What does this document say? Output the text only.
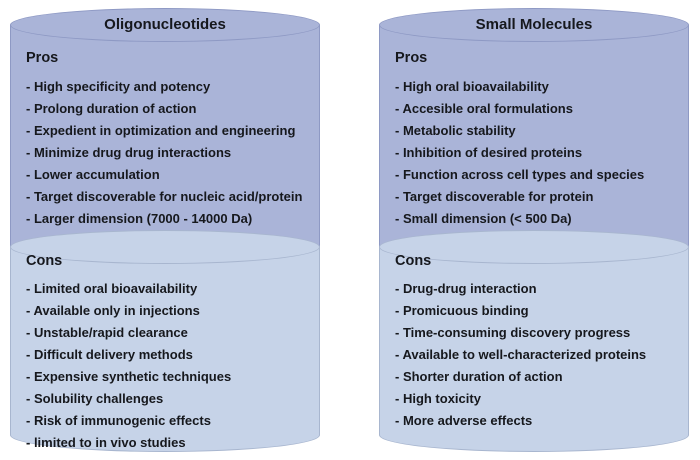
Oligonucleotides
Pros
- High specificity and potency
- Prolong duration of action
- Expedient in optimization and engineering
- Minimize drug drug interactions
- Lower accumulation
- Target discoverable for nucleic acid/protein
- Larger dimension (7000 - 14000 Da)
Cons
- Limited oral bioavailability
- Available only in injections
- Unstable/rapid clearance
- Difficult delivery methods
- Expensive synthetic techniques
- Solubility challenges
- Risk of immunogenic effects
- limited to in vivo studies
Small Molecules
Pros
- High oral bioavailability
- Accesible oral formulations
- Metabolic stability
- Inhibition of desired proteins
- Function across cell types and species
- Target discoverable for protein
- Small dimension (< 500 Da)
Cons
- Drug-drug interaction
- Promicuous binding
- Time-consuming discovery progress
- Available to well-characterized proteins
- Shorter duration of action
- High toxicity
- More adverse effects
